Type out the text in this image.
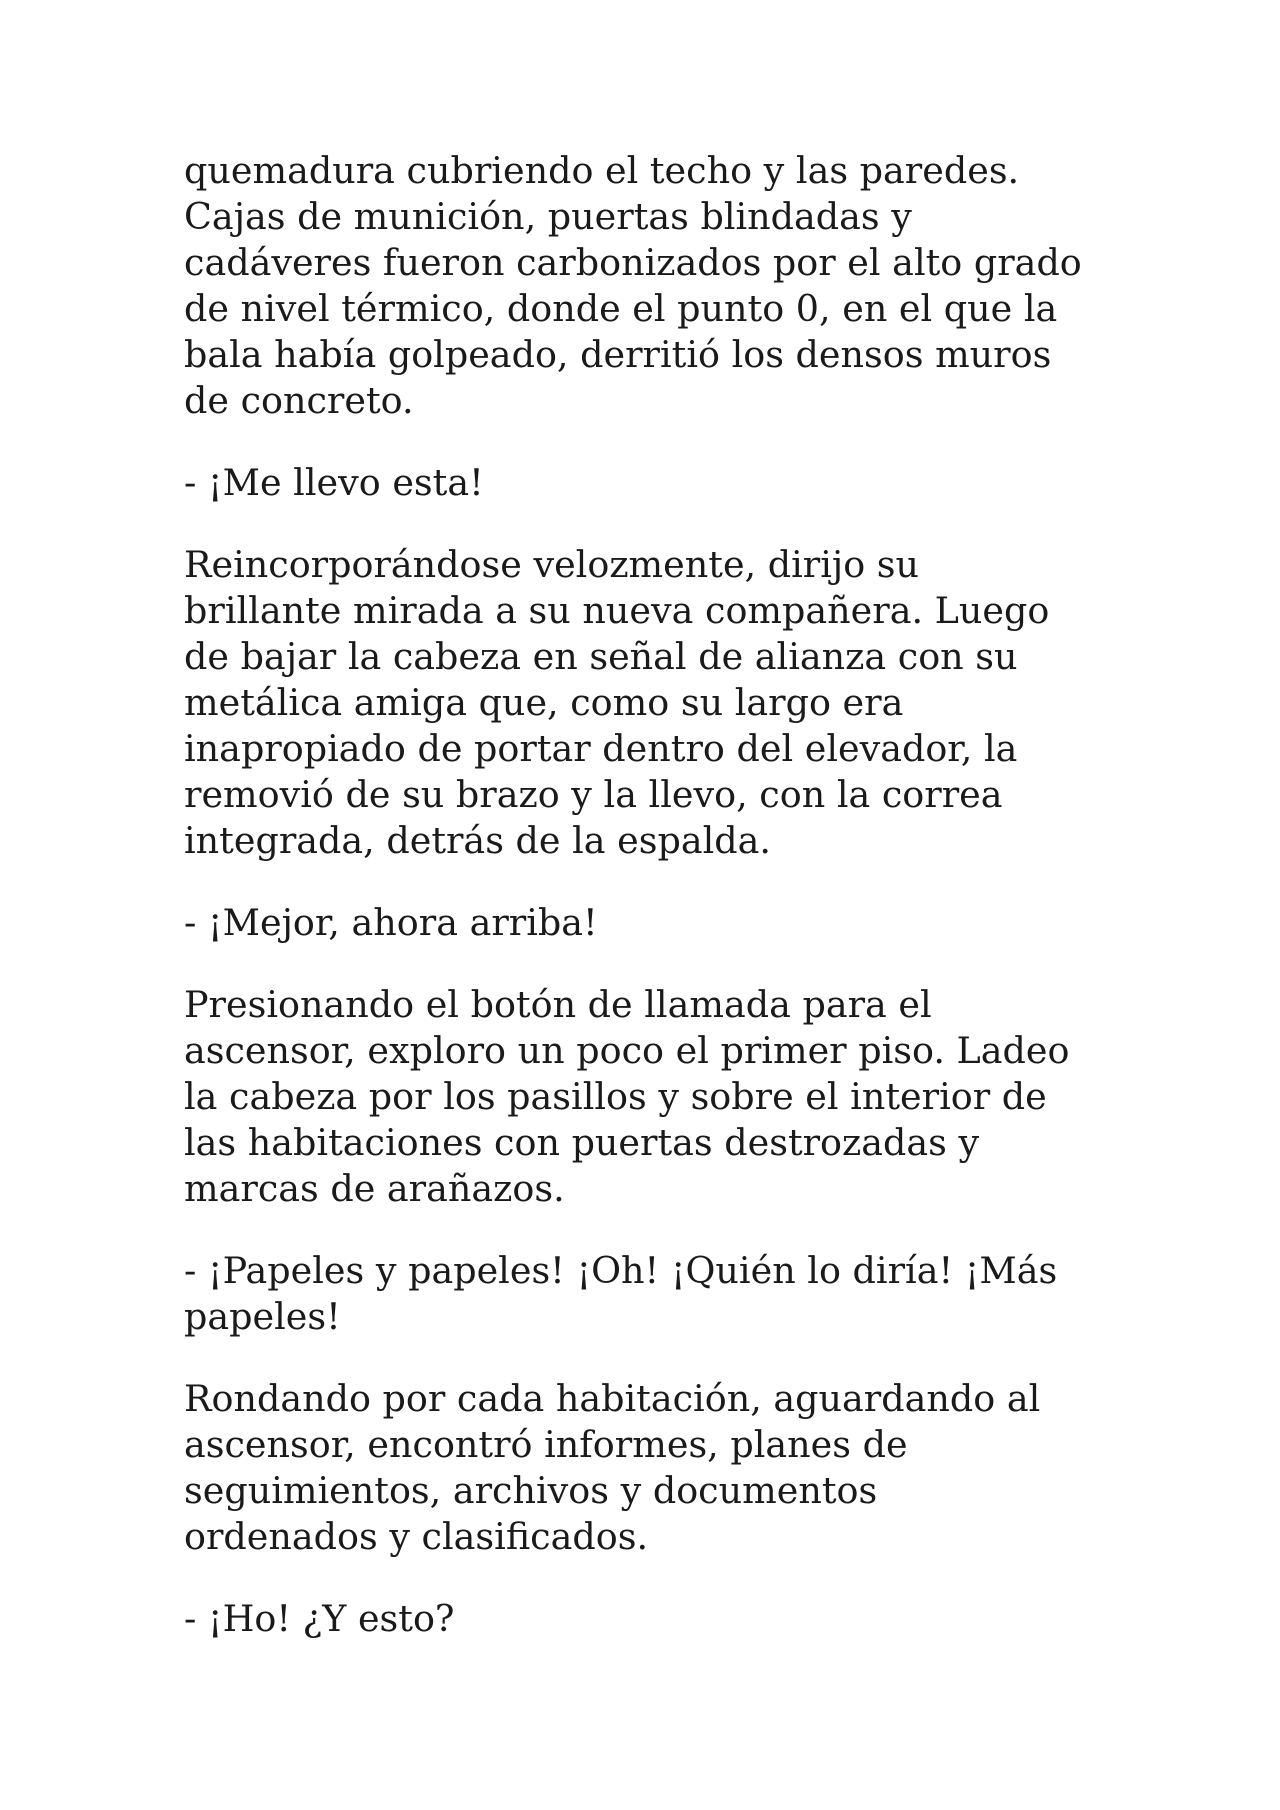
quemadura cubriendo el techo y las paredes.
Cajas de munición, puertas blindadas y
cadáveres fueron carbonizados por el alto grado
de nivel térmico, donde el punto 0, en el que la
bala había golpeado, derritió los densos muros
de concreto.

- ¡Me llevo esta!

Reincorporándose velozmente, dirijo su
brillante mirada a su nueva compañera. Luego
de bajar la cabeza en señal de alianza con su
metálica amiga que, como su largo era
inapropiado de portar dentro del elevador, la
removió de su brazo y la llevo, con la correa
integrada, detrás de la espalda.

- ¡Mejor, ahora arriba!

Presionando el botón de llamada para el
ascensor, exploro un poco el primer piso. Ladeo
la cabeza por los pasillos y sobre el interior de
las habitaciones con puertas destrozadas y
marcas de arañazos.

- ¡Papeles y papeles! ¡Oh! ¡Quién lo diría! ¡Más
papeles!

Rondando por cada habitación, aguardando al
ascensor, encontró informes, planes de
seguimientos, archivos y documentos
ordenados y clasificados.

- ¡Ho! ¿Y esto?
